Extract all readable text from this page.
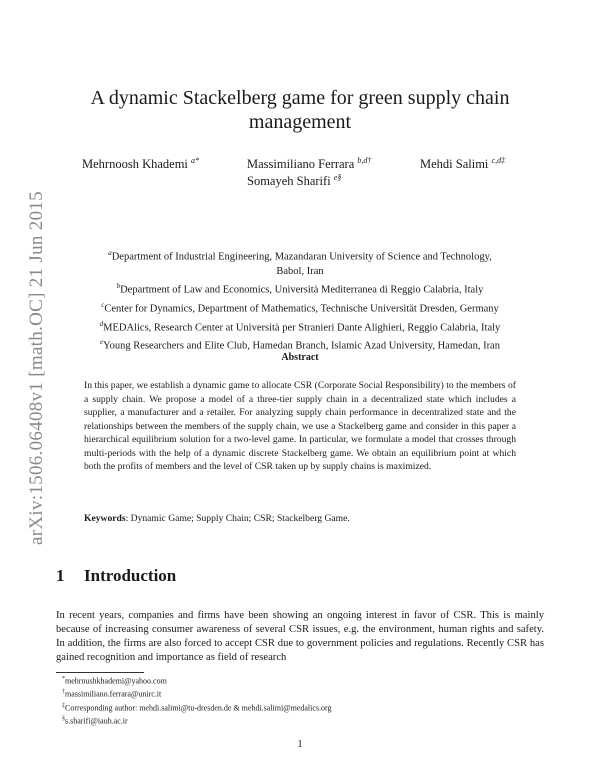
arXiv:1506.06408v1 [math.OC] 21 Jun 2015
A dynamic Stackelberg game for green supply chain management
Mehrnoosh Khademi $^{a*}$	Massimiliano Ferrara $^{b,d\dagger}$	Mehdi Salimi $^{c,d\ddagger}$
Somayeh Sharifi $^{e\S}$
$^a$Department of Industrial Engineering, Mazandaran University of Science and Technology,
Babol, Iran
$^b$Department of Law and Economics, Università Mediterranea di Reggio Calabria, Italy
$^c$Center for Dynamics, Department of Mathematics, Technische Universität Dresden, Germany
$^d$MEDAlics, Research Center at Università per Stranieri Dante Alighieri, Reggio Calabria, Italy
$^e$Young Researchers and Elite Club, Hamedan Branch, Islamic Azad University, Hamedan, Iran
Abstract
In this paper, we establish a dynamic game to allocate CSR (Corporate Social Responsibility) to the members of a supply chain. We propose a model of a three-tier supply chain in a decentralized state which includes a supplier, a manufacturer and a retailer. For analyzing supply chain performance in decentralized state and the relationships between the members of the supply chain, we use a Stackelberg game and consider in this paper a hierarchical equilibrium solution for a two-level game. In particular, we formulate a model that crosses through multi-periods with the help of a dynamic discrete Stackelberg game. We obtain an equilibrium point at which both the profits of members and the level of CSR taken up by supply chains is maximized.
Keywords: Dynamic Game; Supply Chain; CSR; Stackelberg Game.
1 Introduction
In recent years, companies and firms have been showing an ongoing interest in favor of CSR. This is mainly because of increasing consumer awareness of several CSR issues, e.g. the environment, human rights and safety. In addition, the firms are also forced to accept CSR due to government policies and regulations. Recently CSR has gained recognition and importance as field of research
*mehrnushkhademi@yahoo.com
†massimiliano.ferrara@unirc.it
‡Corresponding author: mehdi.salimi@tu-dresden.de & mehdi.salimi@medalics.org
§s.sharifi@iauh.ac.ir
1
